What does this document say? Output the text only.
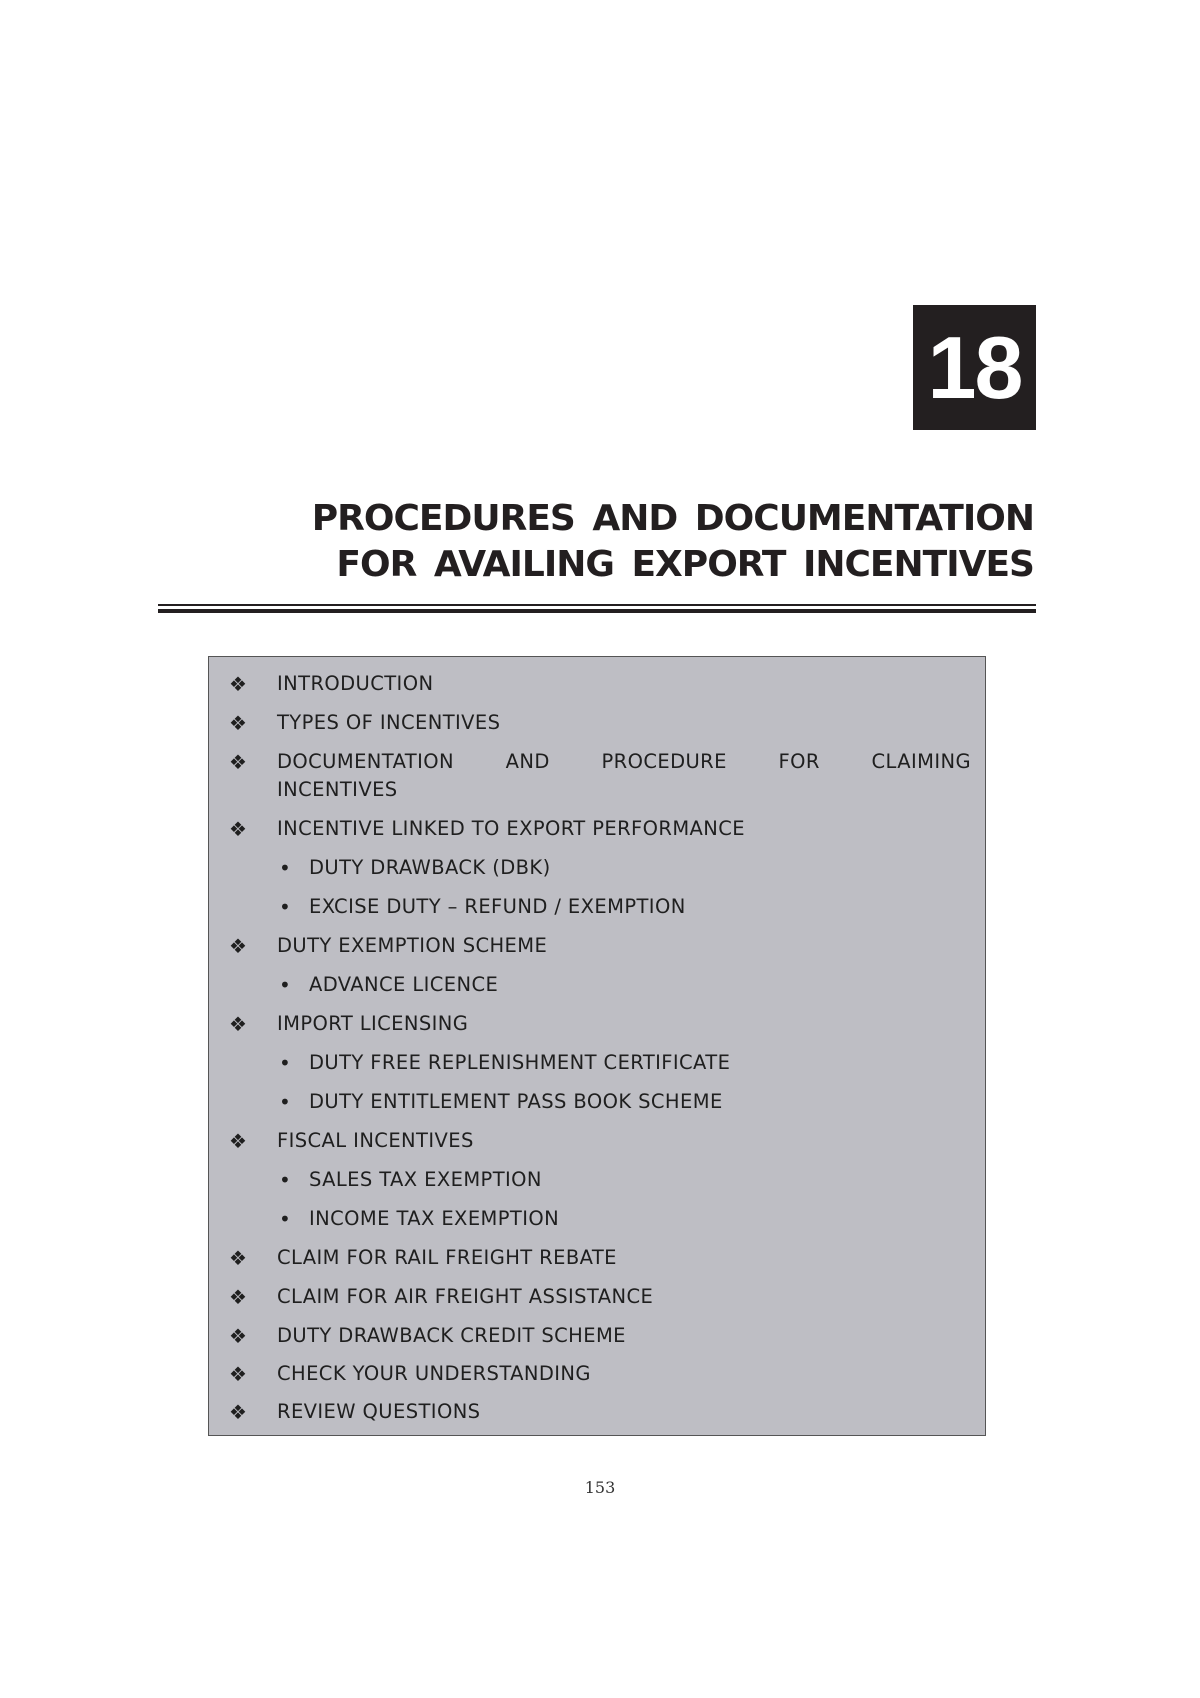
18
PROCEDURES AND DOCUMENTATION
FOR AVAILING EXPORT INCENTIVES
❖ INTRODUCTION
❖ TYPES OF INCENTIVES
❖ DOCUMENTATION AND PROCEDURE FOR CLAIMING
INCENTIVES
❖ INCENTIVE LINKED TO EXPORT PERFORMANCE
• DUTY DRAWBACK (DBK)
• EXCISE DUTY – REFUND / EXEMPTION
❖ DUTY EXEMPTION SCHEME
• ADVANCE LICENCE
❖ IMPORT LICENSING
• DUTY FREE REPLENISHMENT CERTIFICATE
• DUTY ENTITLEMENT PASS BOOK SCHEME
❖ FISCAL INCENTIVES
• SALES TAX EXEMPTION
• INCOME TAX EXEMPTION
❖ CLAIM FOR RAIL FREIGHT REBATE
❖ CLAIM FOR AIR FREIGHT ASSISTANCE
❖ DUTY DRAWBACK CREDIT SCHEME
❖ CHECK YOUR UNDERSTANDING
❖ REVIEW QUESTIONS
153
